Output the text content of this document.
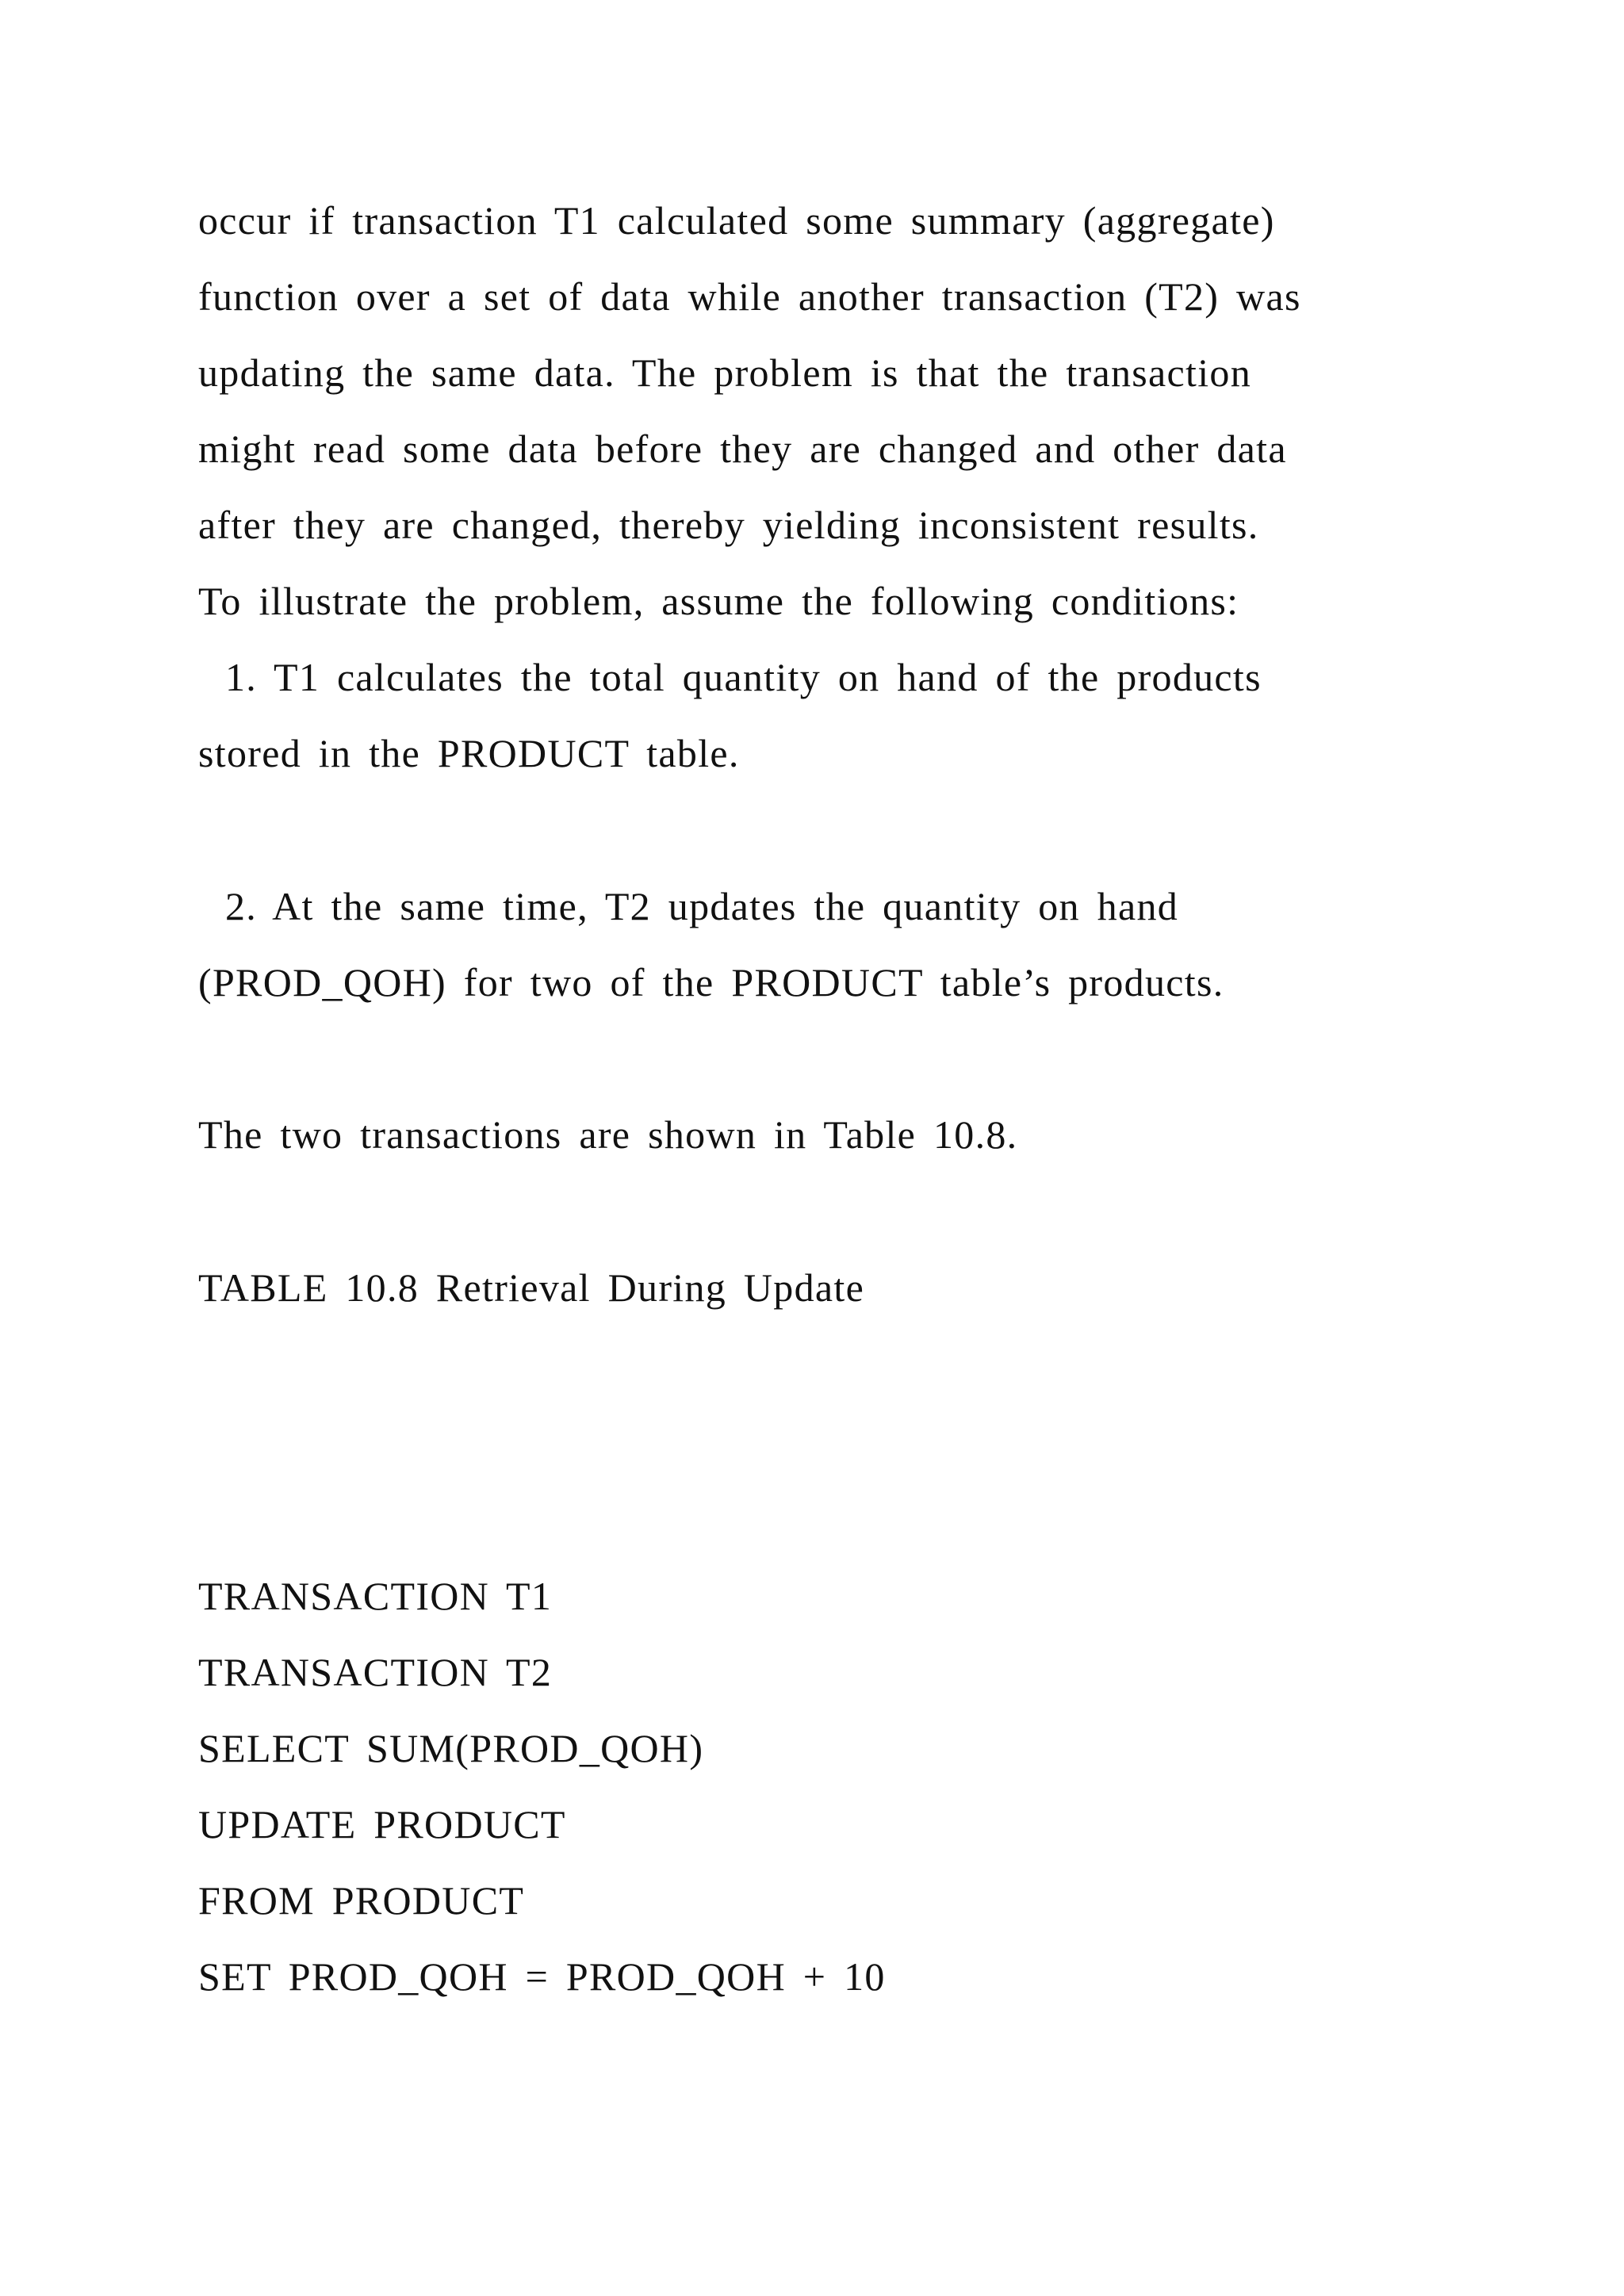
occur if transaction T1 calculated some summary (aggregate)

function over a set of data while another transaction (T2) was

updating the same data. The problem is that the transaction

might read some data before they are changed and other data

after they are changed, thereby yielding inconsistent results.

To illustrate the problem, assume the following conditions:

1. T1 calculates the total quantity on hand of the products

stored in the PRODUCT table.

2. At the same time, T2 updates the quantity on hand

(PROD_QOH) for two of the PRODUCT table’s products.

The two transactions are shown in Table 10.8.

TABLE 10.8 Retrieval During Update

TRANSACTION T1

TRANSACTION T2

SELECT SUM(PROD_QOH)

UPDATE PRODUCT

FROM PRODUCT

SET PROD_QOH = PROD_QOH + 10
